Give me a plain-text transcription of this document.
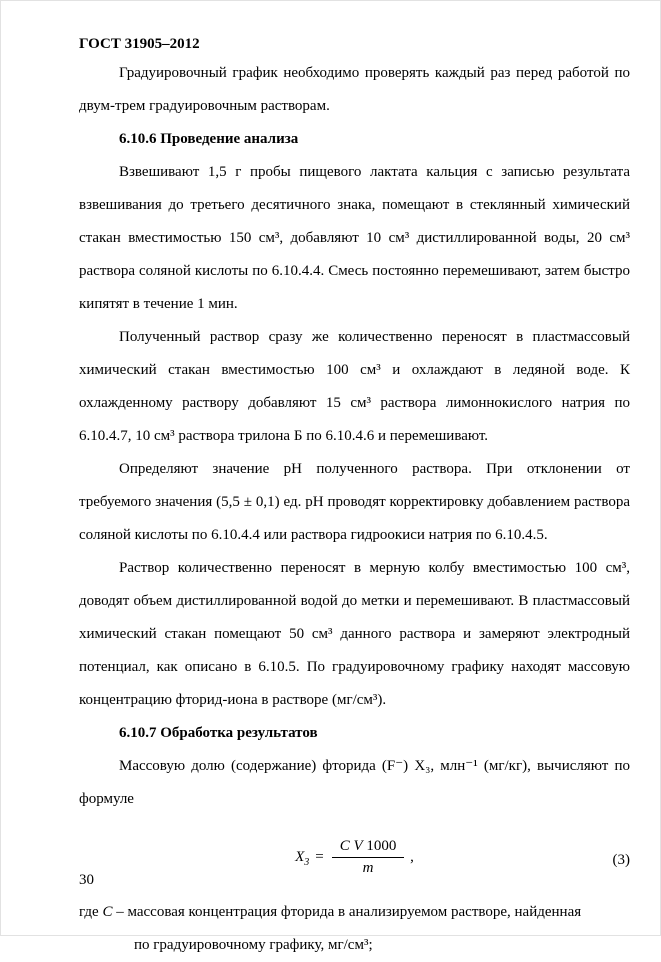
ГОСТ 31905–2012

Градуировочный график необходимо проверять каждый раз перед работой по двум-трем градуировочным растворам.

6.10.6 Проведение анализа

Взвешивают 1,5 г пробы пищевого лактата кальция с записью результата взвешивания до третьего десятичного знака, помещают в стеклянный химический стакан вместимостью 150 см³, добавляют 10 см³ дистиллированной воды, 20 см³ раствора соляной кислоты по 6.10.4.4. Смесь постоянно перемешивают, затем быстро кипятят в течение 1 мин.

Полученный раствор сразу же количественно переносят в пластмассовый химический стакан вместимостью 100 см³ и охлаждают в ледяной воде. К охлажденному раствору добавляют 15 см³ раствора лимоннокислого натрия по 6.10.4.7, 10 см³ раствора трилона Б по 6.10.4.6 и перемешивают.

Определяют значение pH полученного раствора. При отклонении от требуемого значения (5,5 ± 0,1) ед. pH проводят корректировку добавлением раствора соляной кислоты по 6.10.4.4 или раствора гидроокиси натрия по 6.10.4.5.

Раствор количественно переносят в мерную колбу вместимостью 100 см³, доводят объем дистиллированной водой до метки и перемешивают. В пластмассовый химический стакан помещают 50 см³ данного раствора и замеряют электродный потенциал, как описано в 6.10.5. По градуировочному графику находят массовую концентрацию фторид-иона в растворе (мг/см³).

6.10.7 Обработка результатов

Массовую долю (содержание) фторида (F⁻) X₃, млн⁻¹ (мг/кг), вычисляют по формуле

$X_3 = \frac{\text{C V 1000}}{m}$ ,	(3)

где C – массовая концентрация фторида в анализируемом растворе, найденная

по градуировочному графику, мг/см³;

30
